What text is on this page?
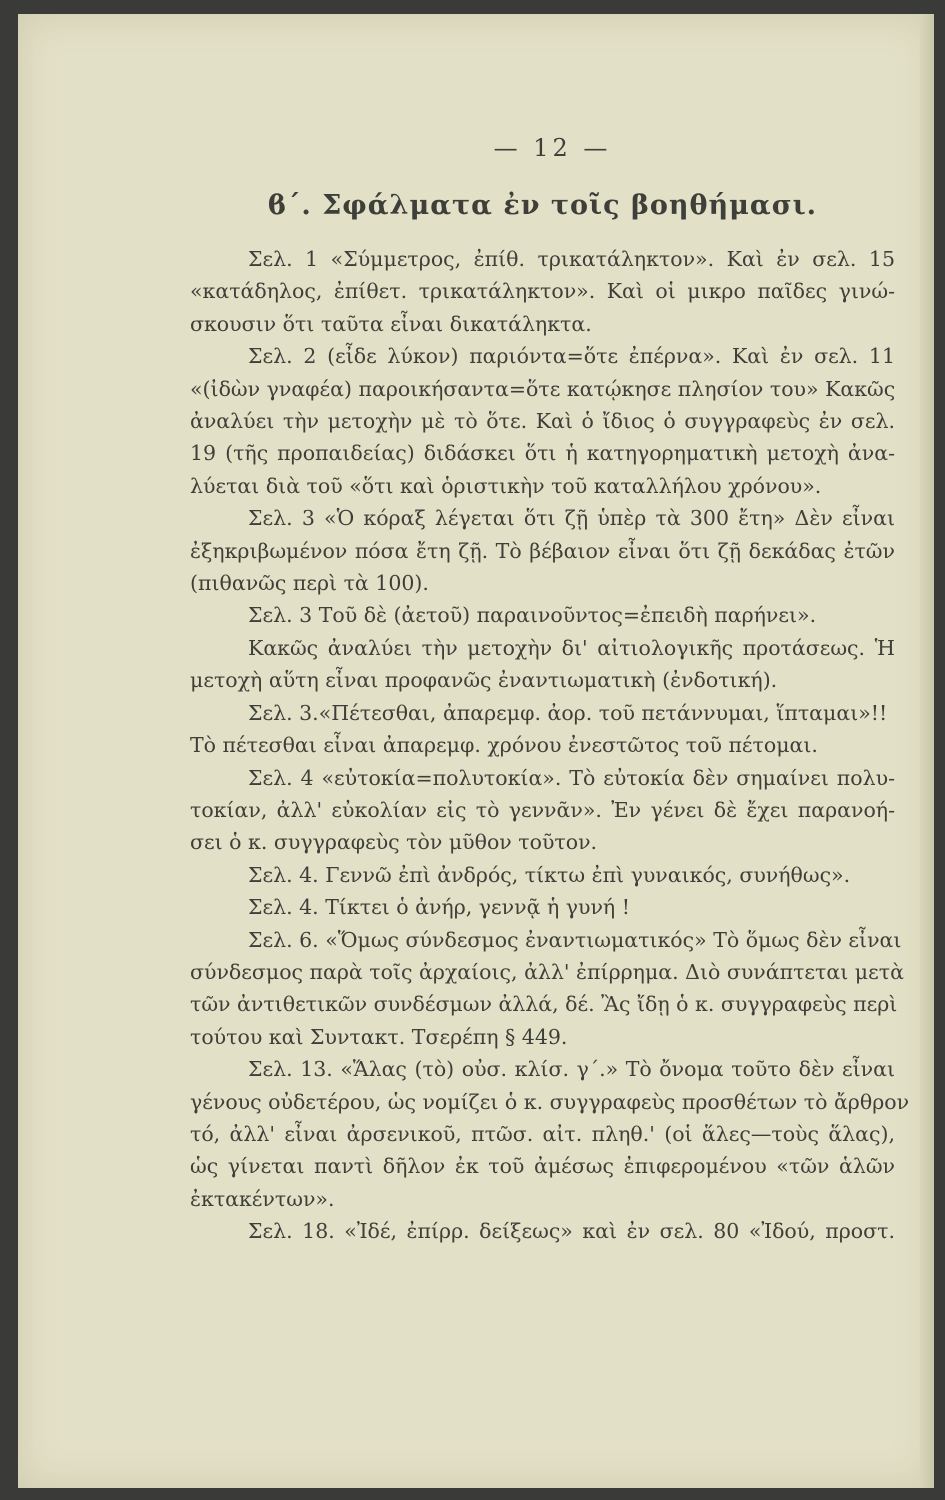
— 12 —
ϐ΄. Σφάλματα ἐν τοῖς βοηθήμασι.
Σελ. 1 «Σύμμετρος, ἐπίθ. τρικατάληκτον». Καὶ ἐν σελ. 15
«κατάδηλος, ἐπίθετ. τρικατάληκτον». Καὶ οἱ μικρο παῖδες γινώ-
σκουσιν ὅτι ταῦτα εἶναι δικατάληκτα.
Σελ. 2 (εἶδε λύκον) παριόντα=ὅτε ἐπέρνα». Καὶ ἐν σελ. 11
«(ἰδὼν γναφέα) παροικήσαντα=ὅτε κατῴκησε πλησίον του» Κακῶς
ἀναλύει τὴν μετοχὴν μὲ τὸ ὅτε. Καὶ ὁ ἴδιος ὁ συγγραφεὺς ἐν σελ.
19 (τῆς προπαιδείας) διδάσκει ὅτι ἡ κατηγορηματικὴ μετοχὴ ἀνα-
λύεται διὰ τοῦ «ὅτι καὶ ὁριστικὴν τοῦ καταλλήλου χρόνου».
Σελ. 3 «Ὁ κόραξ λέγεται ὅτι ζῇ ὑπὲρ τὰ 300 ἔτη» Δὲν εἶναι
ἐξηκριβωμένον πόσα ἔτη ζῇ. Τὸ βέβαιον εἶναι ὅτι ζῇ δεκάδας ἐτῶν
(πιθανῶς περὶ τὰ 100).
Σελ. 3 Τοῦ δὲ (ἀετοῦ) παραινοῦντος=ἐπειδὴ παρήνει».
Κακῶς ἀναλύει τὴν μετοχὴν δι' αἰτιολογικῆς προτάσεως. Ἡ
μετοχὴ αὕτη εἶναι προφανῶς ἐναντιωματικὴ (ἐνδοτική).
Σελ. 3.«Πέτεσθαι, ἀπαρεμφ. ἀορ. τοῦ πετάννυμαι, ἵπταμαι»!!
Τὸ πέτεσθαι εἶναι ἀπαρεμφ. χρόνου ἐνεστῶτος τοῦ πέτομαι.
Σελ. 4 «εὐτοκία=πολυτοκία». Τὸ εὐτοκία δὲν σημαίνει πολυ-
τοκίαν, ἀλλ' εὐκολίαν εἰς τὸ γεννᾶν». Ἐν γένει δὲ ἔχει παρανοή-
σει ὁ κ. συγγραφεὺς τὸν μῦθον τοῦτον.
Σελ. 4. Γεννῶ ἐπὶ ἀνδρός, τίκτω ἐπὶ γυναικός, συνήθως».
Σελ. 4. Τίκτει ὁ ἀνήρ, γεννᾷ ἡ γυνή !
Σελ. 6. «Ὅμως σύνδεσμος ἐναντιωματικός» Τὸ ὅμως δὲν εἶναι
σύνδεσμος παρὰ τοῖς ἀρχαίοις, ἀλλ' ἐπίρρημα. Διὸ συνάπτεται μετὰ
τῶν ἀντιθετικῶν συνδέσμων ἀλλά, δέ. Ἂς ἴδῃ ὁ κ. συγγραφεὺς περὶ
τούτου καὶ Συντακτ. Τσερέπη § 449.
Σελ. 13. «Ἅλας (τὸ) οὐσ. κλίσ. γ΄.» Τὸ ὄνομα τοῦτο δὲν εἶναι
γένους οὐδετέρου, ὡς νομίζει ὁ κ. συγγραφεὺς προσθέτων τὸ ἄρθρον
τό, ἀλλ' εἶναι ἀρσενικοῦ, πτῶσ. αἰτ. πληθ.' (οἱ ἅλες—τοὺς ἅλας),
ὡς γίνεται παντὶ δῆλον ἐκ τοῦ ἀμέσως ἐπιφερομένου «τῶν ἁλῶν
ἐκτακέντων».
Σελ. 18. «Ἰδέ, ἐπίρρ. δείξεως» καὶ ἐν σελ. 80 «Ἰδού, προστ.
